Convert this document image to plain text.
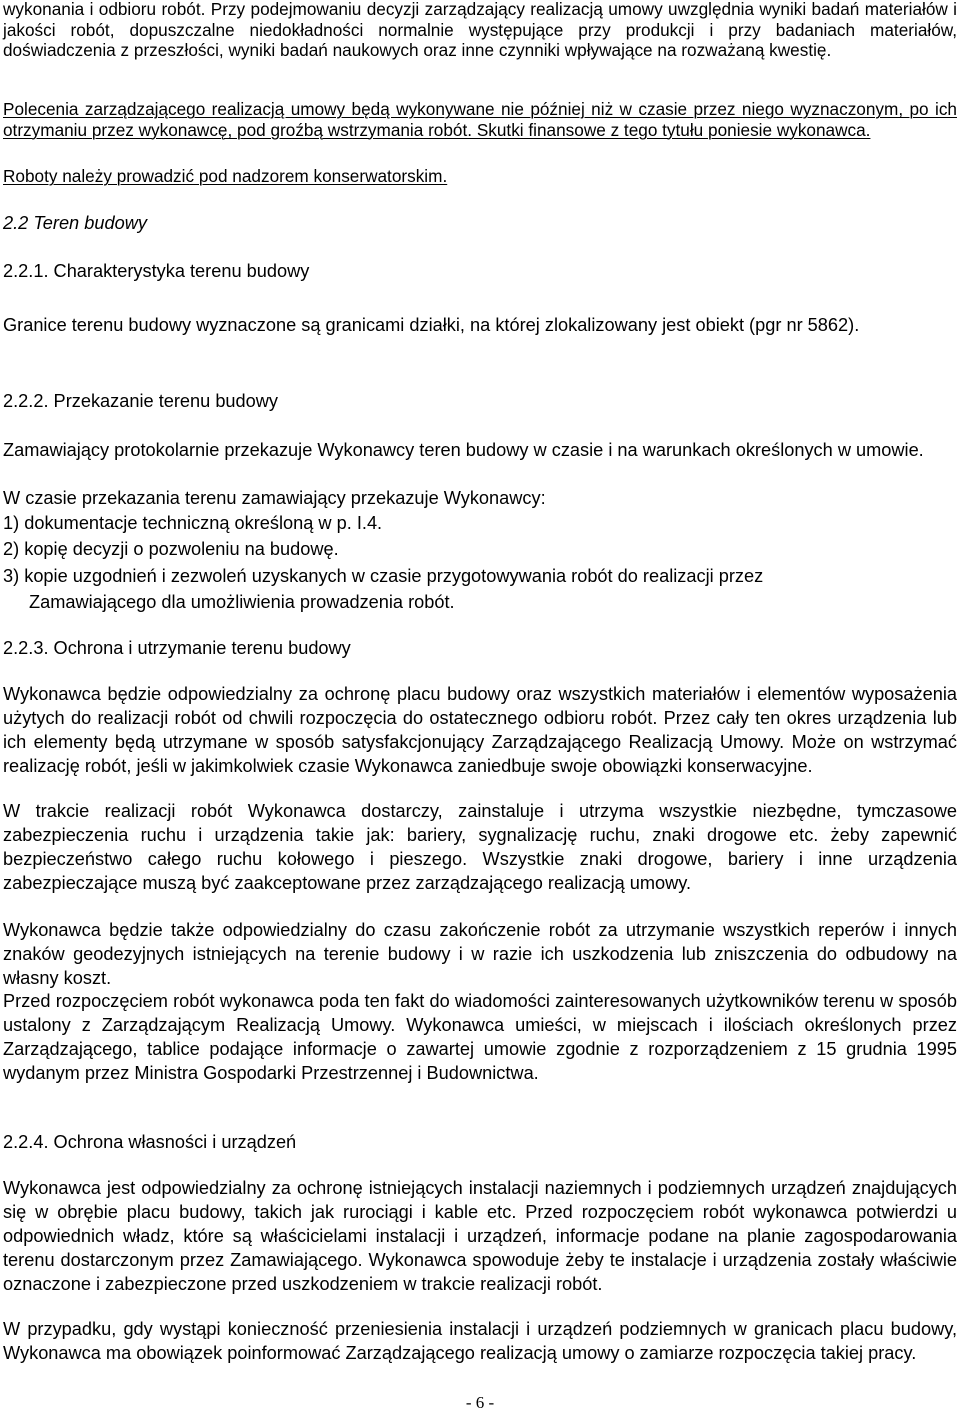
wykonania i odbioru robót. Przy podejmowaniu decyzji zarządzający realizacją umowy uwzględnia wyniki badań materiałów i jakości robót, dopuszczalne niedokładności normalnie występujące przy produkcji i przy badaniach materiałów, doświadczenia z przeszłości, wyniki badań naukowych oraz inne czynniki wpływające na rozważaną kwestię.

Polecenia zarządzającego realizacją umowy będą wykonywane nie później niż w czasie przez niego wyznaczonym, po ich otrzymaniu przez wykonawcę, pod groźbą wstrzymania robót. Skutki finansowe z tego tytułu poniesie wykonawca.

Roboty należy prowadzić pod nadzorem konserwatorskim.

2.2 Teren budowy

2.2.1. Charakterystyka terenu budowy

Granice terenu budowy wyznaczone są granicami działki, na której zlokalizowany jest obiekt (pgr nr 5862).

2.2.2. Przekazanie terenu budowy

Zamawiający protokolarnie przekazuje Wykonawcy teren budowy w czasie i na warunkach określonych w umowie.

W czasie przekazania terenu zamawiający przekazuje Wykonawcy:

1) dokumentacje techniczną określoną w p. I.4.

2) kopię decyzji o pozwoleniu na budowę.

3) kopie uzgodnień i zezwoleń uzyskanych w czasie przygotowywania robót do realizacji przez

Zamawiającego dla umożliwienia prowadzenia robót.

2.2.3. Ochrona i utrzymanie terenu budowy

Wykonawca będzie odpowiedzialny za ochronę placu budowy oraz wszystkich materiałów i elementów wyposażenia użytych do realizacji robót od chwili rozpoczęcia do ostatecznego odbioru robót. Przez cały ten okres urządzenia lub ich elementy będą utrzymane w sposób satysfakcjonujący Zarządzającego Realizacją Umowy. Może on wstrzymać realizację robót, jeśli w jakimkolwiek czasie Wykonawca zaniedbuje swoje obowiązki konserwacyjne.

W trakcie realizacji robót Wykonawca dostarczy, zainstaluje i utrzyma wszystkie niezbędne, tymczasowe zabezpieczenia ruchu i urządzenia takie jak: bariery, sygnalizację ruchu, znaki drogowe etc. żeby zapewnić bezpieczeństwo całego ruchu kołowego i pieszego. Wszystkie znaki drogowe, bariery i inne urządzenia zabezpieczające muszą być zaakceptowane przez zarządzającego realizacją umowy.

Wykonawca będzie także odpowiedzialny do czasu zakończenie robót za utrzymanie wszystkich reperów i innych znaków geodezyjnych istniejących na terenie budowy i w razie ich uszkodzenia lub zniszczenia do odbudowy na własny koszt.

Przed rozpoczęciem robót wykonawca poda ten fakt do wiadomości zainteresowanych użytkowników terenu w sposób ustalony z Zarządzającym Realizacją Umowy. Wykonawca umieści, w miejscach i ilościach określonych przez Zarządzającego, tablice podające informacje o zawartej umowie zgodnie z rozporządzeniem z 15 grudnia 1995 wydanym przez Ministra Gospodarki Przestrzennej i Budownictwa.

2.2.4. Ochrona własności i urządzeń

Wykonawca jest odpowiedzialny za ochronę istniejących instalacji naziemnych i podziemnych urządzeń znajdujących się w obrębie placu budowy, takich jak rurociągi i kable etc. Przed rozpoczęciem robót wykonawca potwierdzi u odpowiednich władz, które są właścicielami instalacji i urządzeń, informacje podane na planie zagospodarowania terenu dostarczonym przez Zamawiającego. Wykonawca spowoduje żeby te instalacje i urządzenia zostały właściwie oznaczone i zabezpieczone przed uszkodzeniem w trakcie realizacji robót.

W przypadku, gdy wystąpi konieczność przeniesienia instalacji i urządzeń podziemnych w granicach placu budowy, Wykonawca ma obowiązek poinformować Zarządzającego realizacją umowy o zamiarze rozpoczęcia takiej pracy.

- 6 -
